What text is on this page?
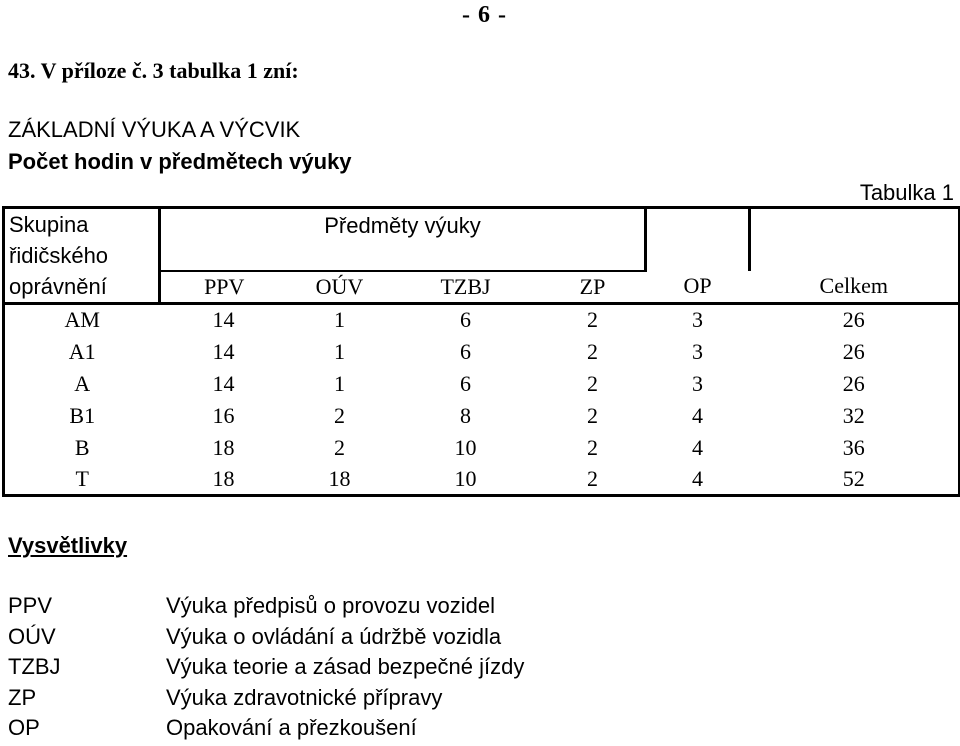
- 6 -
43. V příloze č. 3 tabulka 1 zní:
ZÁKLADNÍ VÝUKA A VÝCVIK
Počet hodin v předmětech výuky
Tabulka 1
Skupina
řidičského
oprávnění	Předměty výuky					
	PPV	OÚV	TZBJ	ZP	OP	Celkem
AM	14	1	6	2	3	26
A1	14	1	6	2	3	26
A	14	1	6	2	3	26
B1	16	2	8	2	4	32
B	18	2	10	2	4	36
T	18	18	10	2	4	52
Vysvětlivky
PPV	Výuka předpisů o provozu vozidel
OÚV	Výuka o ovládání a údržbě vozidla
TZBJ	Výuka teorie a zásad bezpečné jízdy
ZP	Výuka zdravotnické přípravy
OP	Opakování a přezkoušení
